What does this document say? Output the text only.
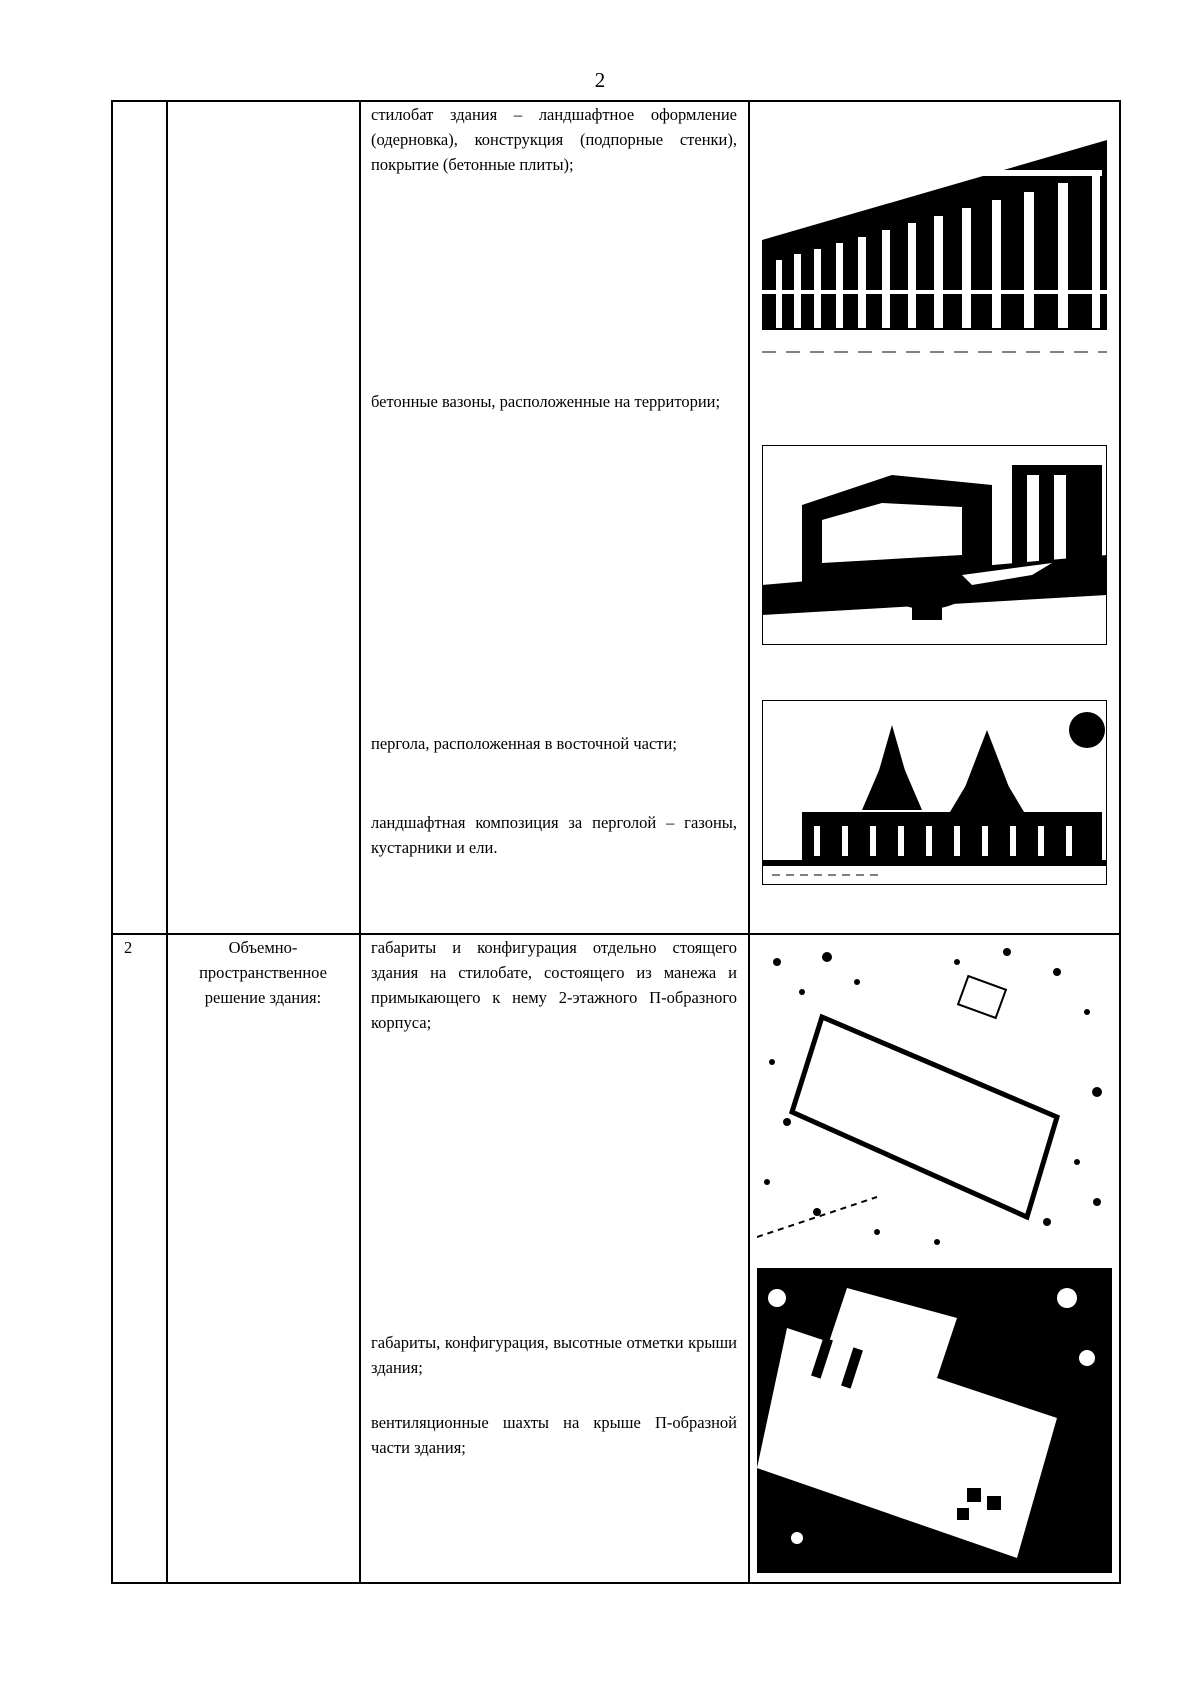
2
стилобат здания – ландшафтное оформление (одерновка), конструкция (подпорные стенки), покрытие (бетонные плиты);
бетонные вазоны, расположенные на территории;
пергола, расположенная в восточной части;
ландшафтная композиция за перголой – газоны, кустарники и ели.
2	Объемно-пространственное решение здания:
габариты и конфигурация отдельно стоящего здания на стилобате, состоящего из манежа и примыкающего к нему 2-этажного П-образного корпуса;
габариты, конфигурация, высотные отметки крыши здания;
вентиляционные шахты на крыше П-образной части здания;
